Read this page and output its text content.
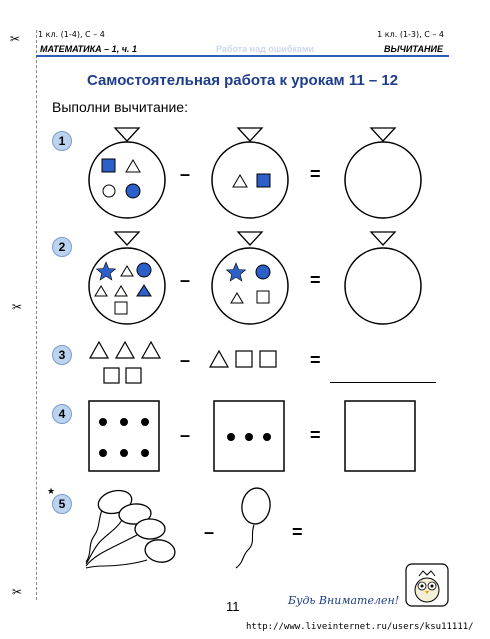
✂
✂
✂
1 кл. (1-4), С – 4	1 кл. (1-3), С – 4
МАТЕМАТИКА – 1, ч. 1	Работа над ошибками	ВЫЧИТАНИЕ
Самостоятельная работа к урокам 11 – 12
Выполни вычитание:
1
–	=
2
–	=
3	–	=
4
–	=
★
5
–	=
11	Будь Внимателен!
http://www.liveinternet.ru/users/ksu11111/
